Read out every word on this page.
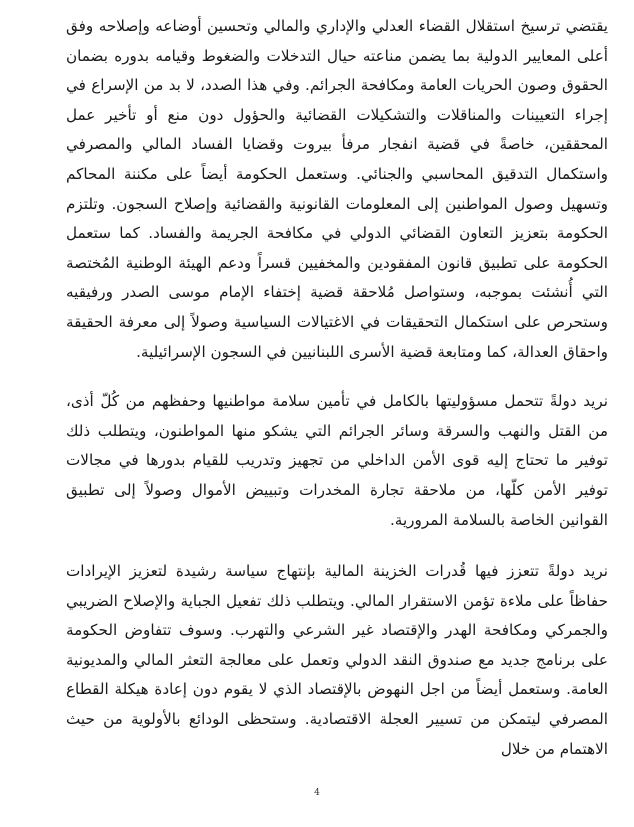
يقتضي ترسيخ استقلال القضاء العدلي والإداري والمالي وتحسين أوضاعه وإصلاحه وفق أعلى المعايير الدولية بما يضمن مناعته حيال التدخلات والضغوط وقيامه بدوره بضمان الحقوق وصون الحريات العامة ومكافحة الجرائم. وفي هذا الصدد، لا بد من الإسراع في إجراء التعيينات والمناقلات والتشكيلات القضائية والحؤول دون منع أو تأخير عمل المحققين، خاصةً في قضية انفجار مرفأ بيروت وقضايا الفساد المالي والمصرفي واستكمال التدقيق المحاسبي والجنائي. وستعمل الحكومة أيضاً على مكننة المحاكم وتسهيل وصول المواطنين إلى المعلومات القانونية والقضائية وإصلاح السجون. وتلتزم الحكومة بتعزيز التعاون القضائي الدولي في مكافحة الجريمة والفساد. كما ستعمل الحكومة على تطبيق قانون المفقودين والمخفيين قسراً ودعم الهيئة الوطنية المُختصة التي أُنشئت بموجبه، وستواصل مُلاحقة قضية إختفاء الإمام موسى الصدر ورفيقيه وستحرص على استكمال التحقيقات في الاغتيالات السياسية وصولاً إلى معرفة الحقيقة واحقاق العدالة، كما ومتابعة قضية الأسرى اللبنانيين في السجون الإسرائيلية.

نريد دولةً تتحمل مسؤوليتها بالكامل في تأمين سلامة مواطنيها وحفظهم من كُلّ أذى، من القتل والنهب والسرقة وسائر الجرائم التي يشكو منها المواطنون، ويتطلب ذلك توفير ما تحتاج إليه قوى الأمن الداخلي من تجهيز وتدريب للقيام بدورها في مجالات توفير الأمن كلّها، من ملاحقة تجارة المخدرات وتبييض الأموال وصولاً إلى تطبيق القوانين الخاصة بالسلامة المرورية.

نريد دولةً تتعزز فيها قُدرات الخزينة المالية بإنتهاج سياسة رشيدة لتعزيز الإيرادات حفاظاً على ملاءة تؤمن الاستقرار المالي. ويتطلب ذلك تفعيل الجباية والإصلاح الضريبي والجمركي ومكافحة الهدر والإقتصاد غير الشرعي والتهرب. وسوف تتفاوض الحكومة على برنامج جديد مع صندوق النقد الدولي وتعمل على معالجة التعثر المالي والمديونية العامة. وستعمل أيضاً من اجل النهوض بالإقتصاد الذي لا يقوم دون إعادة هيكلة القطاع المصرفي ليتمكن من تسيير العجلة الاقتصادية. وستحظى الودائع بالأولوية من حيث الاهتمام من خلال

4
